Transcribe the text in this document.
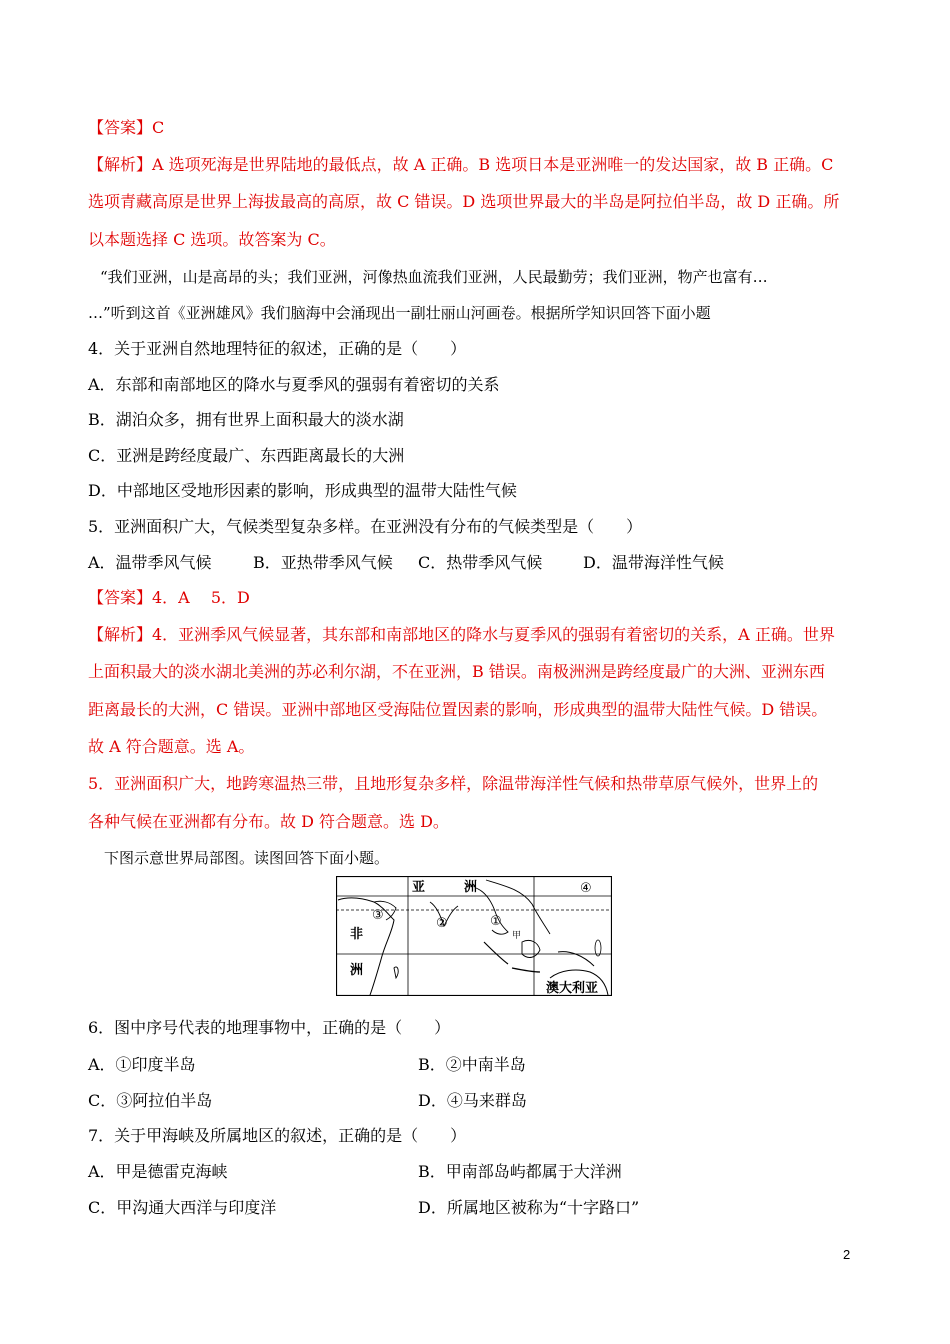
【答案】C
【解析】A 选项死海是世界陆地的最低点，故 A 正确。B 选项日本是亚洲唯一的发达国家，故 B 正确。C
选项青藏高原是世界上海拔最高的高原，故 C 错误。D 选项世界最大的半岛是阿拉伯半岛，故 D 正确。所
以本题选择 C 选项。故答案为 C。
“我们亚洲，山是高昂的头；我们亚洲，河像热血流我们亚洲，人民最勤劳；我们亚洲，物产也富有…
…”听到这首《亚洲雄风》我们脑海中会涌现出一副壮丽山河画卷。根据所学知识回答下面小题
4．关于亚洲自然地理特征的叙述，正确的是（　　）
A．东部和南部地区的降水与夏季风的强弱有着密切的关系
B．湖泊众多，拥有世界上面积最大的淡水湖
C．亚洲是跨经度最广、东西距离最长的大洲
D．中部地区受地形因素的影响，形成典型的温带大陆性气候
5．亚洲面积广大，气候类型复杂多样。在亚洲没有分布的气候类型是（　　）
A．温带季风气候	B．亚热带季风气候 C．热带季风气候	D．温带海洋性气候
【答案】4．A　 5．D
【解析】4．亚洲季风气候显著，其东部和南部地区的降水与夏季风的强弱有着密切的关系，A 正确。世界
上面积最大的淡水湖北美洲的苏必利尔湖，不在亚洲，B 错误。南极洲洲是跨经度最广的大洲、亚洲东西
距离最长的大洲，C 错误。亚洲中部地区受海陆位置因素的影响，形成典型的温带大陆性气候。D 错误。
故 A 符合题意。选 A。
5．亚洲面积广大，地跨寒温热三带，且地形复杂多样，除温带海洋性气候和热带草原气候外，世界上的
各种气候在亚洲都有分布。故 D 符合题意。选 D。
下图示意世界局部图。读图回答下面小题。
亚	洲
非
洲
澳大利亚
甲
①
②
③
④
6．图中序号代表的地理事物中，正确的是（　　）
A．①印度半岛	B．②中南半岛
C．③阿拉伯半岛	D．④马来群岛
7．关于甲海峡及所属地区的叙述，正确的是（　　）
A．甲是德雷克海峡	B．甲南部岛屿都属于大洋洲
C．甲沟通大西洋与印度洋	D．所属地区被称为“十字路口”
2
